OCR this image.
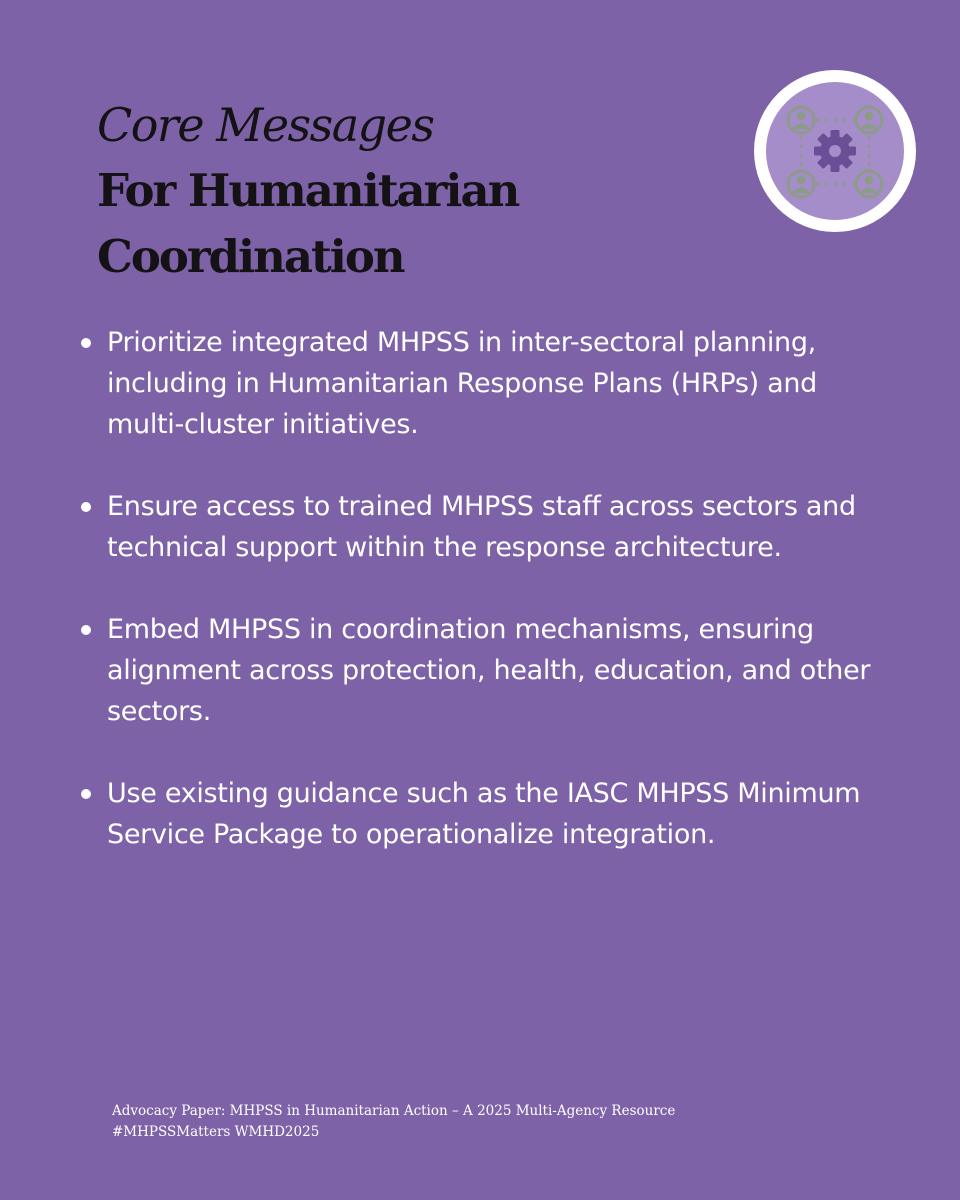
Core Messages

For Humanitarian Coordination

Prioritize integrated MHPSS in inter-sectoral planning, including in Humanitarian Response Plans (HRPs) and multi-cluster initiatives.
Ensure access to trained MHPSS staff across sectors and technical support within the response architecture.
Embed MHPSS in coordination mechanisms, ensuring alignment across protection, health, education, and other sectors.
Use existing guidance such as the IASC MHPSS Minimum Service Package to operationalize integration.
Advocacy Paper: MHPSS in Humanitarian Action – A 2025 Multi-Agency Resource
#MHPSSMatters WMHD2025
